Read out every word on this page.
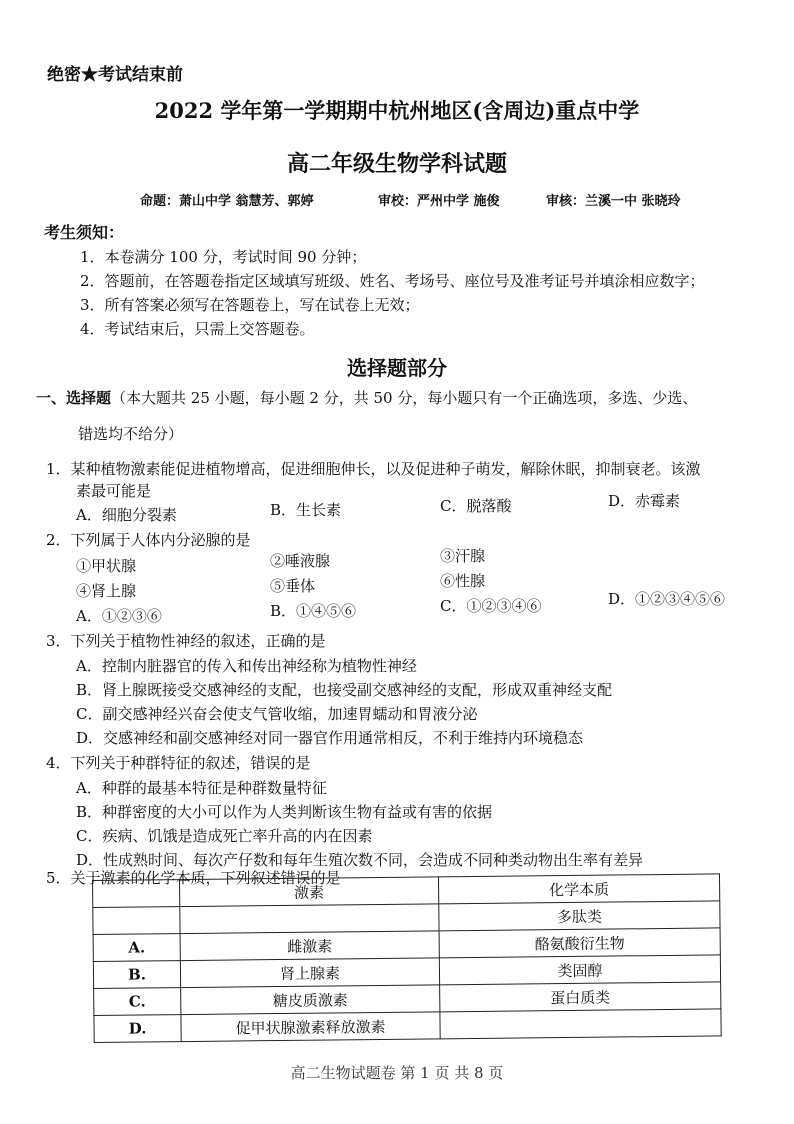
绝密★考试结束前
2022 学年第一学期期中杭州地区(含周边)重点中学
高二年级生物学科试题
命题：萧山中学 翁慧芳、郭婷	审校：严州中学 施俊	审核：兰溪一中 张晓玲
考生须知：
1．本卷满分 100 分，考试时间 90 分钟；
2．答题前，在答题卷指定区域填写班级、姓名、考场号、座位号及准考证号并填涂相应数字；
3．所有答案必须写在答题卷上，写在试卷上无效；
4．考试结束后，只需上交答题卷。
选择题部分
一、选择题（本大题共 25 小题，每小题 2 分，共 50 分，每小题只有一个正确选项，多选、少选、
错选均不给分）
1．某种植物激素能促进植物增高，促进细胞伸长，以及促进种子萌发，解除休眠，抑制衰老。该激
素最可能是
A．细胞分裂素	B．生长素	C．脱落酸	D．赤霉素
2．下列属于人体内分泌腺的是
①甲状腺	②唾液腺	③汗腺
④肾上腺	⑤垂体	⑥性腺
A．①②③⑥	B．①④⑤⑥	C．①②③④⑥	D．①②③④⑤⑥
3．下列关于植物性神经的叙述，正确的是
A．控制内脏器官的传入和传出神经称为植物性神经
B．肾上腺既接受交感神经的支配，也接受副交感神经的支配，形成双重神经支配
C．副交感神经兴奋会使支气管收缩，加速胃蠕动和胃液分泌
D．交感神经和副交感神经对同一器官作用通常相反，不利于维持内环境稳态
4．下列关于种群特征的叙述，错误的是
A．种群的最基本特征是种群数量特征
B．种群密度的大小可以作为人类判断该生物有益或有害的依据
C．疾病、饥饿是造成死亡率升高的内在因素
D．性成熟时间、每次产仔数和每年生殖次数不同，会造成不同种类动物出生率有差异
5．关于激素的化学本质，下列叙述错误的是
	激素	化学本质
		多肽类
A.	雌激素	酪氨酸衍生物
B.	肾上腺素	类固醇
C.	糖皮质激素	蛋白质类
D.	促甲状腺激素释放激素	
高二生物试题卷 第 1 页 共 8 页
